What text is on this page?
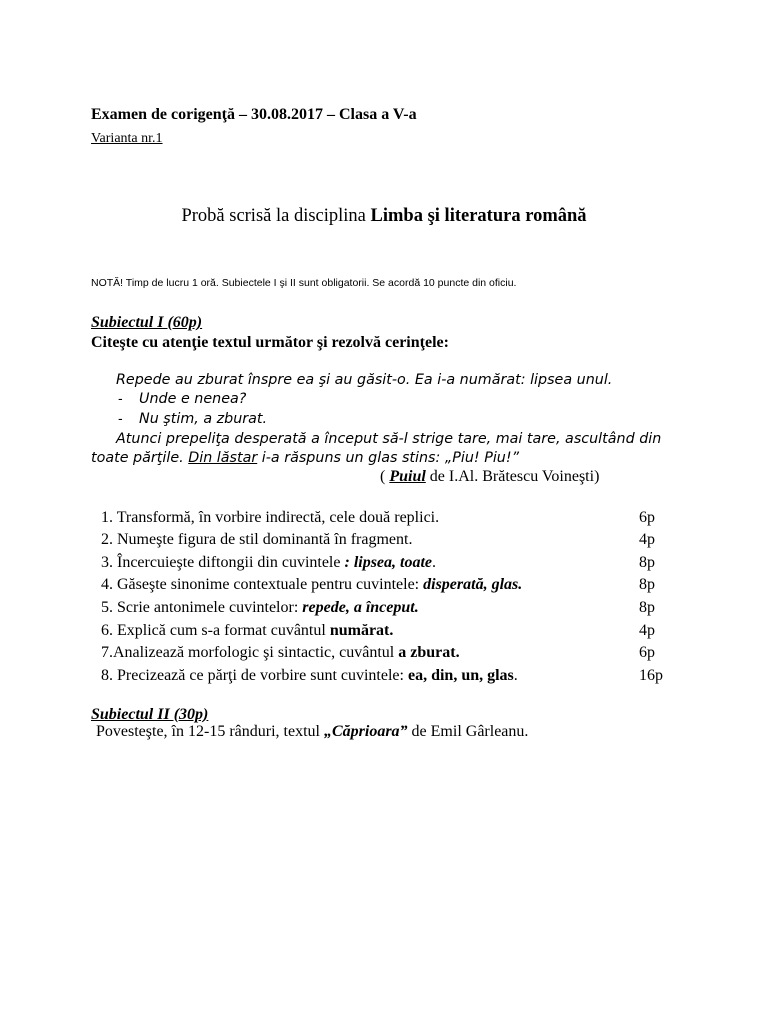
Examen de corigenţă – 30.08.2017 – Clasa a V-a
Varianta nr.1
Probă scrisă la disciplina Limba şi literatura română
NOTĂ! Timp de lucru 1 oră. Subiectele I şi II sunt obligatorii. Se acordă 10 puncte din oficiu.
Subiectul I (60p)
Citeşte cu atenţie textul următor şi rezolvă cerinţele:
Repede au zburat înspre ea şi au găsit-o. Ea i-a numărat: lipsea unul.
- Unde e nenea?
- Nu ştim, a zburat.
Atunci prepeliţa desperată a început să-l strige tare, mai tare, ascultând din
toate părţile. Din lăstar i-a răspuns un glas stins: „Piu! Piu!”
( Puiul de I.Al. Brătescu Voineşti)
1. Transformă, în vorbire indirectă, cele două replici.	6p
2. Numeşte figura de stil dominantă în fragment.	4p
3. Încercuieşte diftongii din cuvintele : lipsea, toate.	8p
4. Găseşte sinonime contextuale pentru cuvintele: disperată, glas.	8p
5. Scrie antonimele cuvintelor: repede, a început.	8p
6. Explică cum s-a format cuvântul numărat.	4p
7.Analizează morfologic şi sintactic, cuvântul a zburat.	6p
8. Precizează ce părţi de vorbire sunt cuvintele: ea, din, un, glas.	16p
Subiectul II (30p)
Povesteşte, în 12-15 rânduri, textul „Căprioara” de Emil Gârleanu.
